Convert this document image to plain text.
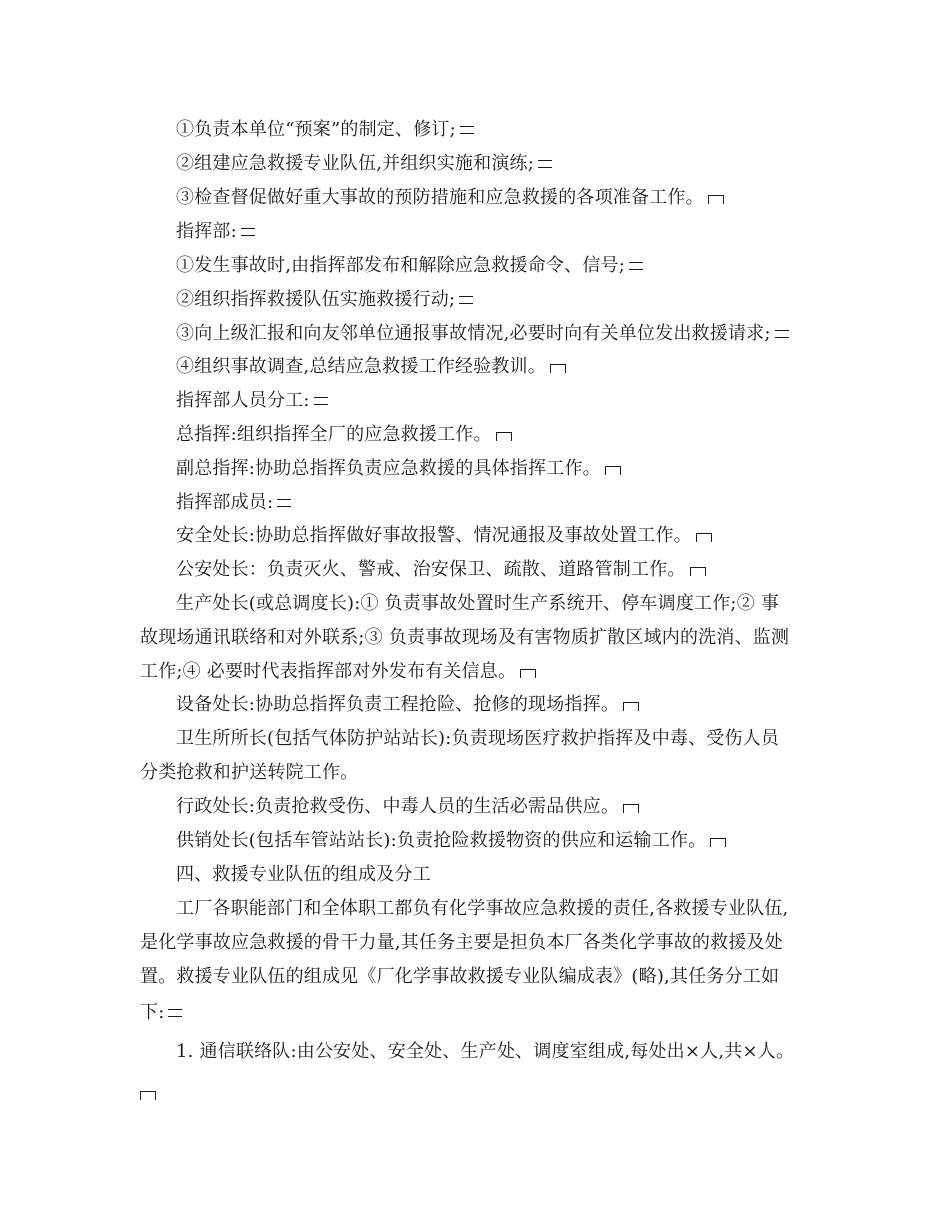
①负责本单位“预案”的制定、修订;
②组建应急救援专业队伍,并组织实施和演练;
③检查督促做好重大事故的预防措施和应急救援的各项准备工作。
指挥部:
①发生事故时,由指挥部发布和解除应急救援命令、信号;
②组织指挥救援队伍实施救援行动;
③向上级汇报和向友邻单位通报事故情况,必要时向有关单位发出救援请求;
④组织事故调查,总结应急救援工作经验教训。
指挥部人员分工:
总指挥:组织指挥全厂的应急救援工作。
副总指挥:协助总指挥负责应急救援的具体指挥工作。
指挥部成员:
安全处长:协助总指挥做好事故报警、情况通报及事故处置工作。
公安处长：负责灭火、警戒、治安保卫、疏散、道路管制工作。
生产处长(或总调度长):① 负责事故处置时生产系统开、停车调度工作;② 事
故现场通讯联络和对外联系;③ 负责事故现场及有害物质扩散区域内的洗消、监测
工作;④ 必要时代表指挥部对外发布有关信息。
设备处长:协助总指挥负责工程抢险、抢修的现场指挥。
卫生所所长(包括气体防护站站长):负责现场医疗救护指挥及中毒、受伤人员
分类抢救和护送转院工作。
行政处长:负责抢救受伤、中毒人员的生活必需品供应。
供销处长(包括车管站站长):负责抢险救援物资的供应和运输工作。
四、救援专业队伍的组成及分工
工厂各职能部门和全体职工都负有化学事故应急救援的责任,各救援专业队伍,
是化学事故应急救援的骨干力量,其任务主要是担负本厂各类化学事故的救援及处
置。救援专业队伍的组成见《厂化学事故救援专业队编成表》(略),其任务分工如
下:
1. 通信联络队:由公安处、安全处、生产处、调度室组成,每处出×人,共×人。
